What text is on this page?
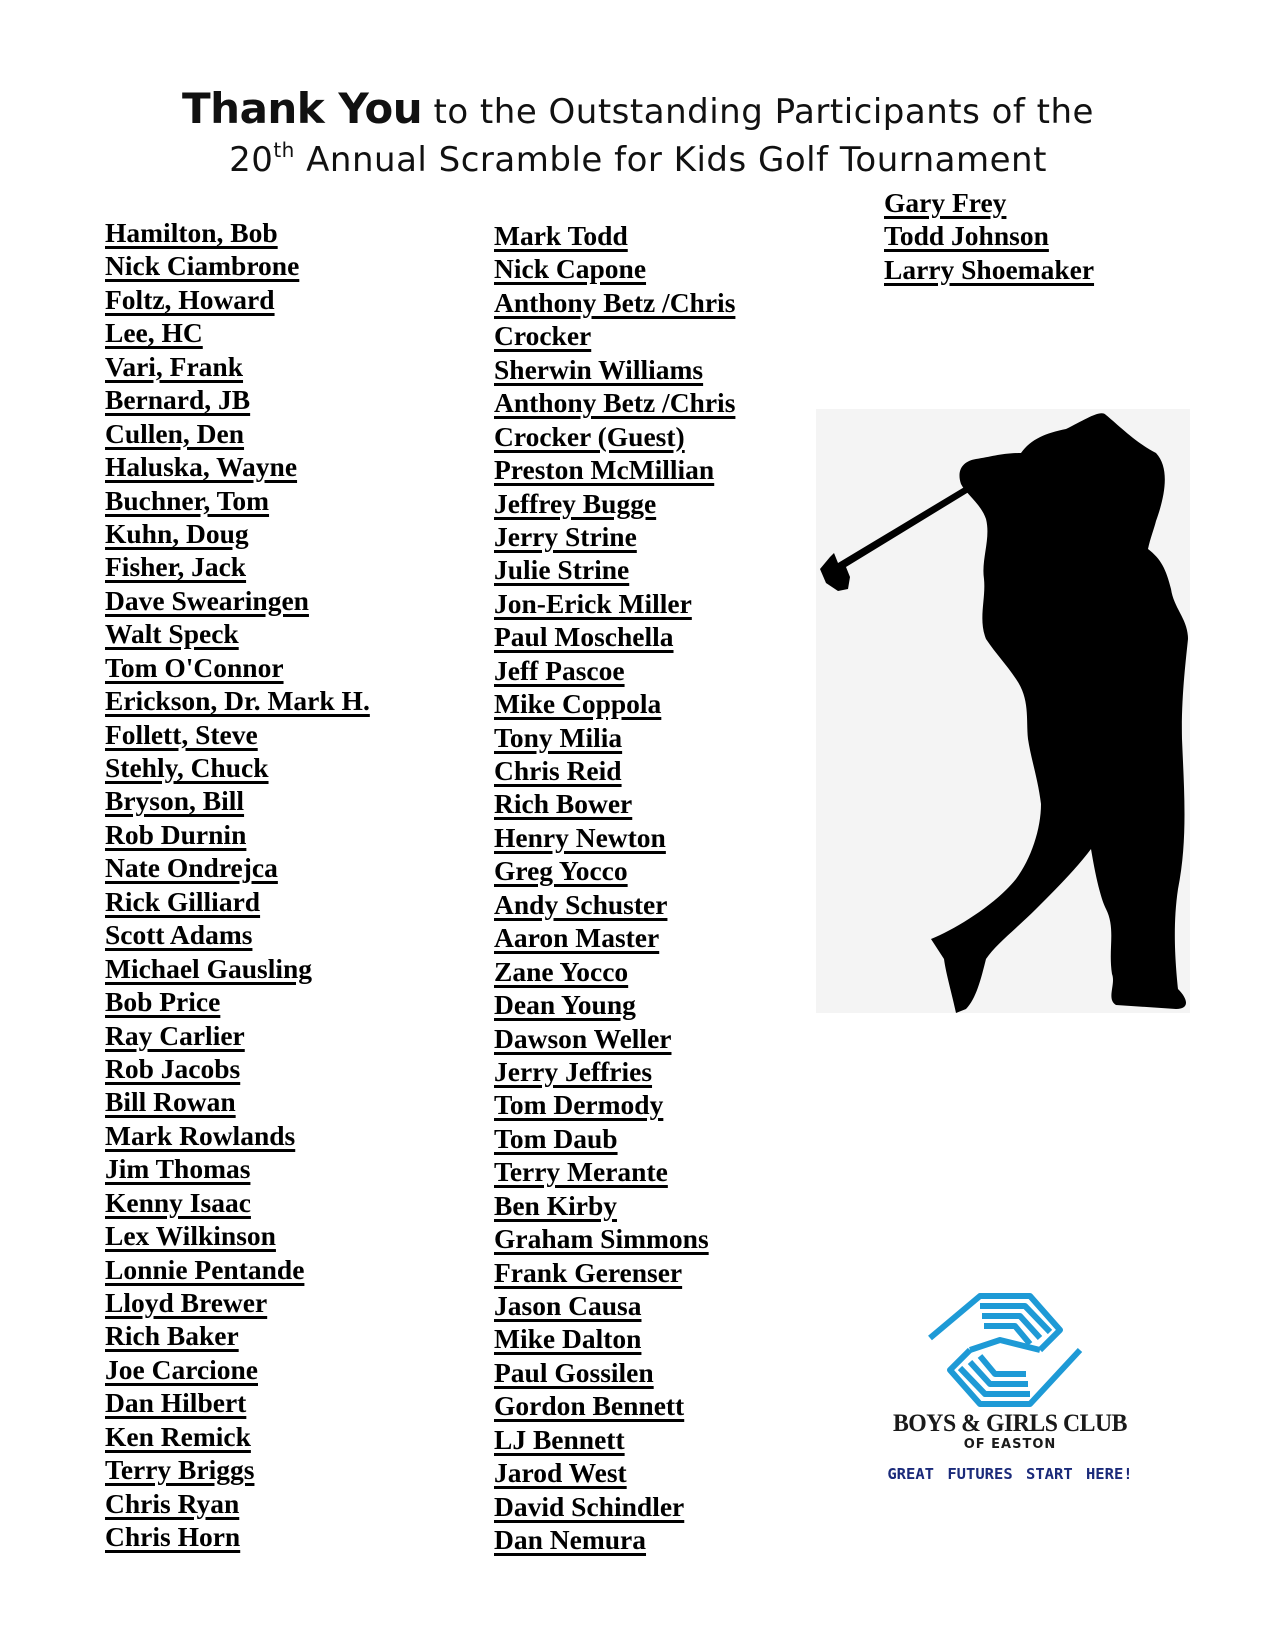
Thank You to the Outstanding Participants of the
20th Annual Scramble for Kids Golf Tournament
Hamilton, Bob
Nick Ciambrone
Foltz, Howard
Lee, HC
Vari, Frank
Bernard, JB
Cullen, Den
Haluska, Wayne
Buchner, Tom
Kuhn, Doug
Fisher, Jack
Dave Swearingen
Walt Speck
Tom O'Connor
Erickson, Dr. Mark H.
Follett, Steve
Stehly, Chuck
Bryson, Bill
Rob Durnin
Nate Ondrejca
Rick Gilliard
Scott Adams
Michael Gausling
Bob Price
Ray Carlier
Rob Jacobs
Bill Rowan
Mark Rowlands
Jim Thomas
Kenny Isaac
Lex Wilkinson
Lonnie Pentande
Lloyd Brewer
Rich Baker
Joe Carcione
Dan Hilbert
Ken Remick
Terry Briggs
Chris Ryan
Chris Horn
Mark Todd
Nick Capone
Anthony Betz /Chris
Crocker
Sherwin Williams
Anthony Betz /Chris
Crocker (Guest)
Preston McMillian
Jeffrey Bugge
Jerry Strine
Julie Strine
Jon-Erick Miller
Paul Moschella
Jeff Pascoe
Mike Coppola
Tony Milia
Chris Reid
Rich Bower
Henry Newton
Greg Yocco
Andy Schuster
Aaron Master
Zane Yocco
Dean Young
Dawson Weller
Jerry Jeffries
Tom Dermody
Tom Daub
Terry Merante
Ben Kirby
Graham Simmons
Frank Gerenser
Jason Causa
Mike Dalton
Paul Gossilen
Gordon Bennett
LJ Bennett
Jarod West
David Schindler
Dan Nemura
Gary Frey
Todd Johnson
Larry Shoemaker
BOYS & GIRLS CLUB
OF EASTON
GREAT FUTURES START HERE!
